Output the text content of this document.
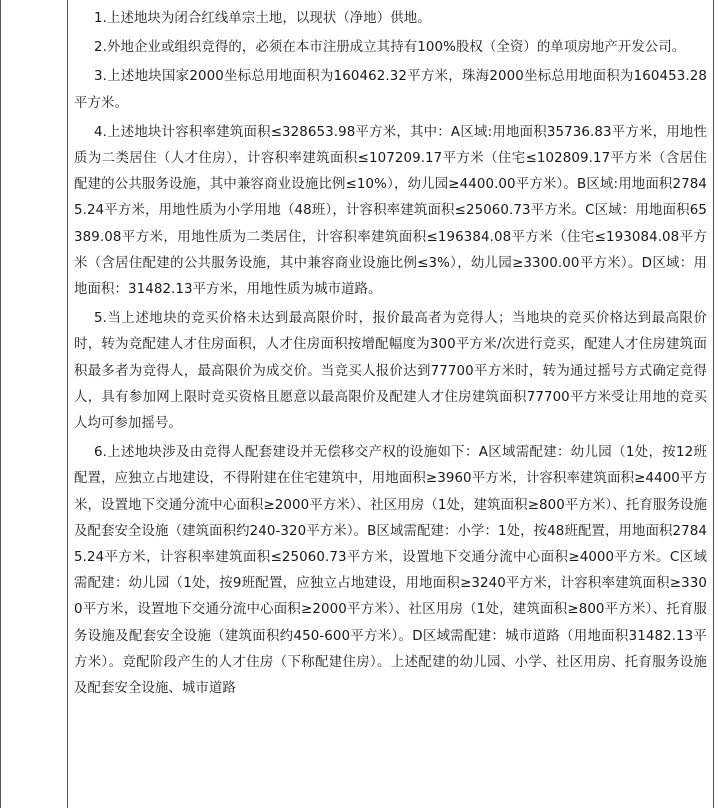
1.上述地块为闭合红线单宗土地，以现状（净地）供地。

2.外地企业或组织竞得的，必须在本市注册成立其持有100%股权（全资）的单项房地产开发公司。

3.上述地块国家2000坐标总用地面积为160462.32平方米，珠海2000坐标总用地面积为160453.28平方米。

4.上述地块计容积率建筑面积≤328653.98平方米，其中：A区域:用地面积35736.83平方米，用地性质为二类居住（人才住房），计容积率建筑面积≤107209.17平方米（住宅≤102809.17平方米（含居住配建的公共服务设施，其中兼容商业设施比例≤10%），幼儿园≥4400.00平方米）。B区域:用地面积27845.24平方米，用地性质为小学用地（48班），计容积率建筑面积≤25060.73平方米。C区域：用地面积65389.08平方米，用地性质为二类居住，计容积率建筑面积≤196384.08平方米（住宅≤193084.08平方米（含居住配建的公共服务设施，其中兼容商业设施比例≤3%），幼儿园≥3300.00平方米）。D区域：用地面积：31482.13平方米，用地性质为城市道路。

5.当上述地块的竞买价格未达到最高限价时，报价最高者为竞得人；当地块的竞买价格达到最高限价时，转为竞配建人才住房面积，人才住房面积按增配幅度为300平方米/次进行竞买，配建人才住房建筑面积最多者为竞得人，最高限价为成交价。当竞买人报价达到77700平方米时，转为通过摇号方式确定竞得人，具有参加网上限时竞买资格且愿意以最高限价及配建人才住房建筑面积77700平方米受让用地的竞买人均可参加摇号。

6.上述地块涉及由竞得人配套建设并无偿移交产权的设施如下：A区域需配建：幼儿园（1处，按12班配置，应独立占地建设，不得附建在住宅建筑中，用地面积≥3960平方米，计容积率建筑面积≥4400平方米，设置地下交通分流中心面积≥2000平方米）、社区用房（1处，建筑面积≥800平方米）、托育服务设施及配套安全设施（建筑面积约240-320平方米）。B区域需配建：小学：1处，按48班配置，用地面积27845.24平方米，计容积率建筑面积≤25060.73平方米，设置地下交通分流中心面积≥4000平方米。C区域需配建：幼儿园（1处，按9班配置，应独立占地建设，用地面积≥3240平方米，计容积率建筑面积≥3300平方米，设置地下交通分流中心面积≥2000平方米）、社区用房（1处，建筑面积≥800平方米）、托育服务设施及配套安全设施（建筑面积约450-600平方米）。D区域需配建：城市道路（用地面积31482.13平方米）。竞配阶段产生的人才住房（下称配建住房）。上述配建的幼儿园、小学、社区用房、托育服务设施及配套安全设施、城市道路
